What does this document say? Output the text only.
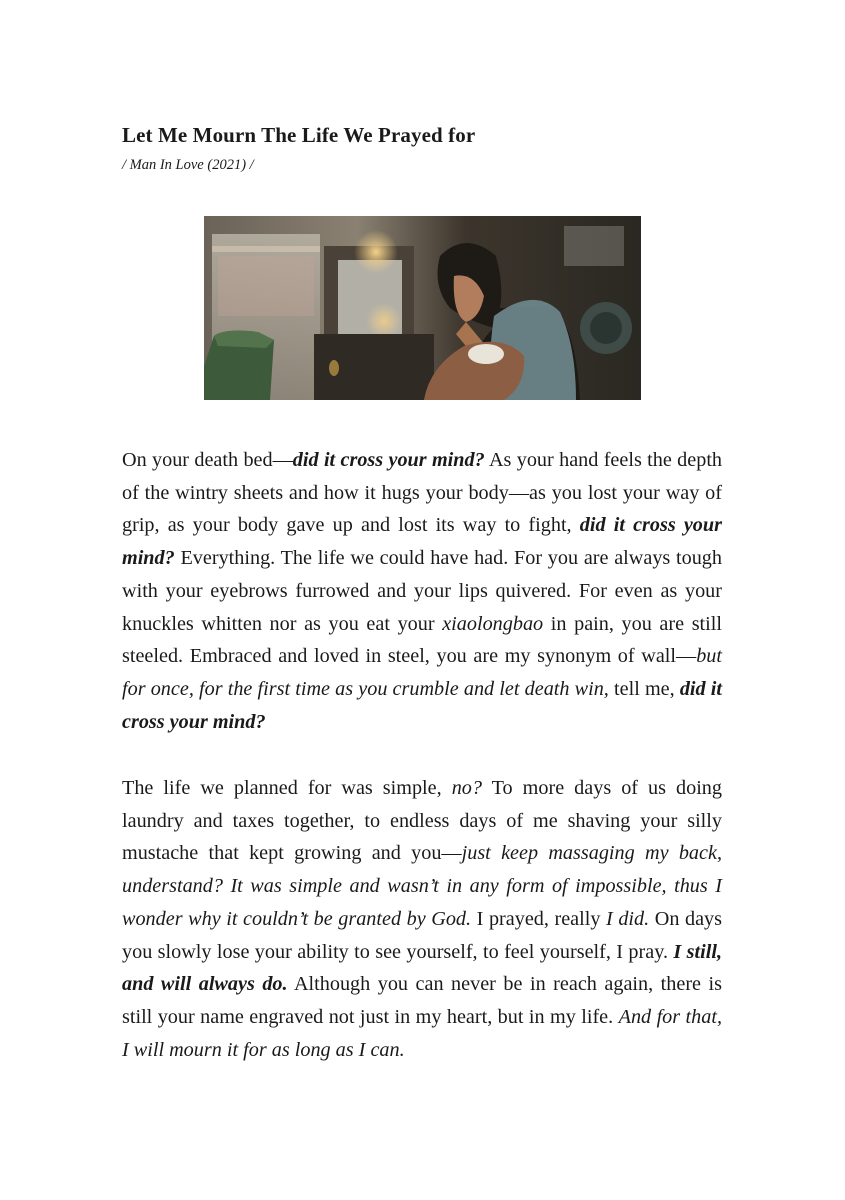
Let Me Mourn The Life We Prayed for
/ Man In Love (2021) /

On your death bed—did it cross your mind? As your hand feels the depth of the wintry sheets and how it hugs your body—as you lost your way of grip, as your body gave up and lost its way to fight, did it cross your mind? Everything. The life we could have had. For you are always tough with your eyebrows furrowed and your lips quivered. For even as your knuckles whitten nor as you eat your xiaolongbao in pain, you are still steeled. Embraced and loved in steel, you are my synonym of wall—but for once, for the first time as you crumble and let death win, tell me, did it cross your mind?

The life we planned for was simple, no? To more days of us doing laundry and taxes together, to endless days of me shaving your silly mustache that kept growing and you—just keep massaging my back, understand? It was simple and wasn’t in any form of impossible, thus I wonder why it couldn’t be granted by God. I prayed, really I did. On days you slowly lose your ability to see yourself, to feel yourself, I pray. I still, and will always do. Although you can never be in reach again, there is still your name engraved not just in my heart, but in my life. And for that, I will mourn it for as long as I can.
